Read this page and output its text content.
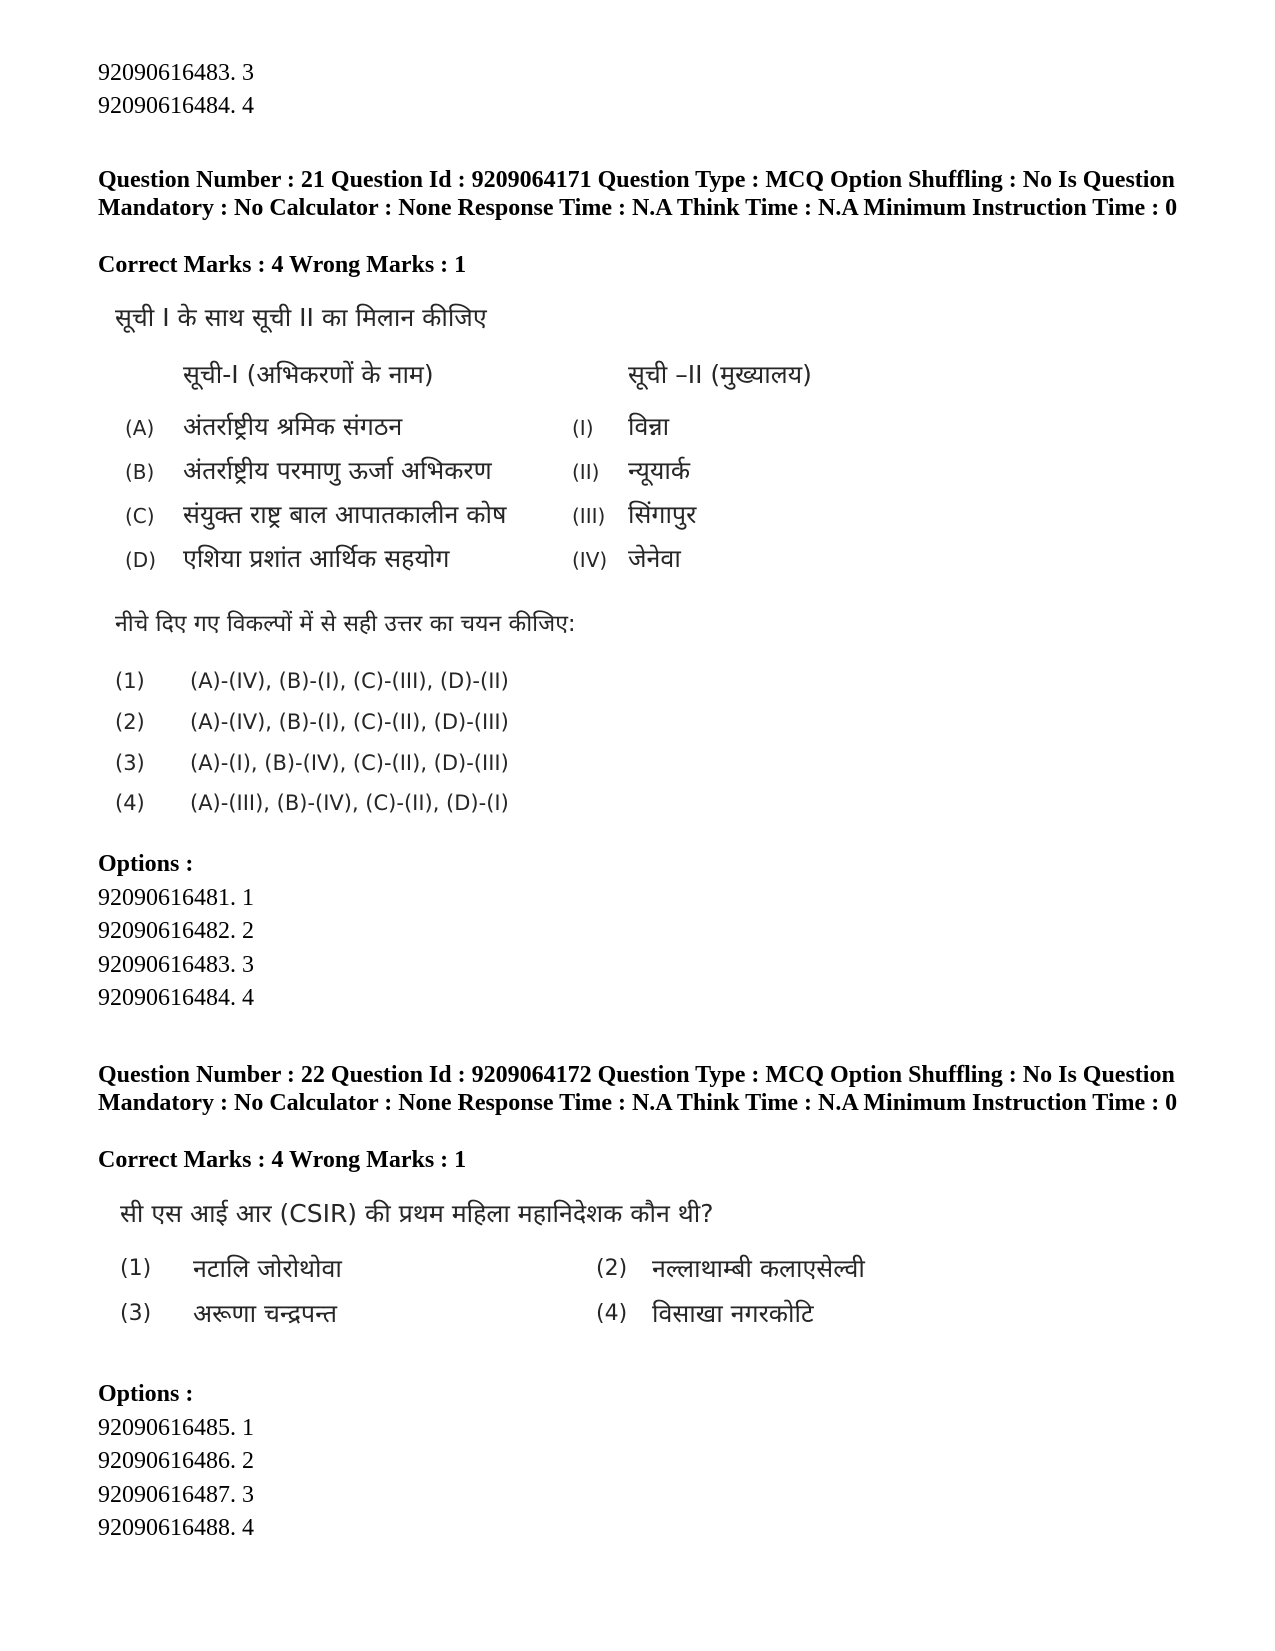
92090616483. 3
92090616484. 4
Question Number : 21 Question Id : 9209064171 Question Type : MCQ Option Shuffling : No Is Question Mandatory : No Calculator : None Response Time : N.A Think Time : N.A Minimum Instruction Time : 0
Correct Marks : 4 Wrong Marks : 1
सूची I के साथ सूची II का मिलान कीजिए
सूची-I (अभिकरणों के नाम)	सूची –II (मुख्यालय)
(A) अंतर्राष्ट्रीय श्रमिक संगठन	(I) विन्ना
(B) अंतर्राष्ट्रीय परमाणु ऊर्जा अभिकरण	(II) न्यूयार्क
(C) संयुक्त राष्ट्र बाल आपातकालीन कोष	(III) सिंगापुर
(D) एशिया प्रशांत आर्थिक सहयोग	(IV) जेनेवा
नीचे दिए गए विकल्पों में से सही उत्तर का चयन कीजिए:
(1) (A)-(IV), (B)-(I), (C)-(III), (D)-(II)
(2) (A)-(IV), (B)-(I), (C)-(II), (D)-(III)
(3) (A)-(I), (B)-(IV), (C)-(II), (D)-(III)
(4) (A)-(III), (B)-(IV), (C)-(II), (D)-(I)
Options :
92090616481. 1
92090616482. 2
92090616483. 3
92090616484. 4
Question Number : 22 Question Id : 9209064172 Question Type : MCQ Option Shuffling : No Is Question Mandatory : No Calculator : None Response Time : N.A Think Time : N.A Minimum Instruction Time : 0
Correct Marks : 4 Wrong Marks : 1
सी एस आई आर (CSIR) की प्रथम महिला महानिदेशक कौन थी?
(1) नटालि जोरोथोवा	(2) नल्लाथाम्बी कलाएसेल्वी
(3) अरूणा चन्द्रपन्त	(4) विसाखा नगरकोटि
Options :
92090616485. 1
92090616486. 2
92090616487. 3
92090616488. 4
